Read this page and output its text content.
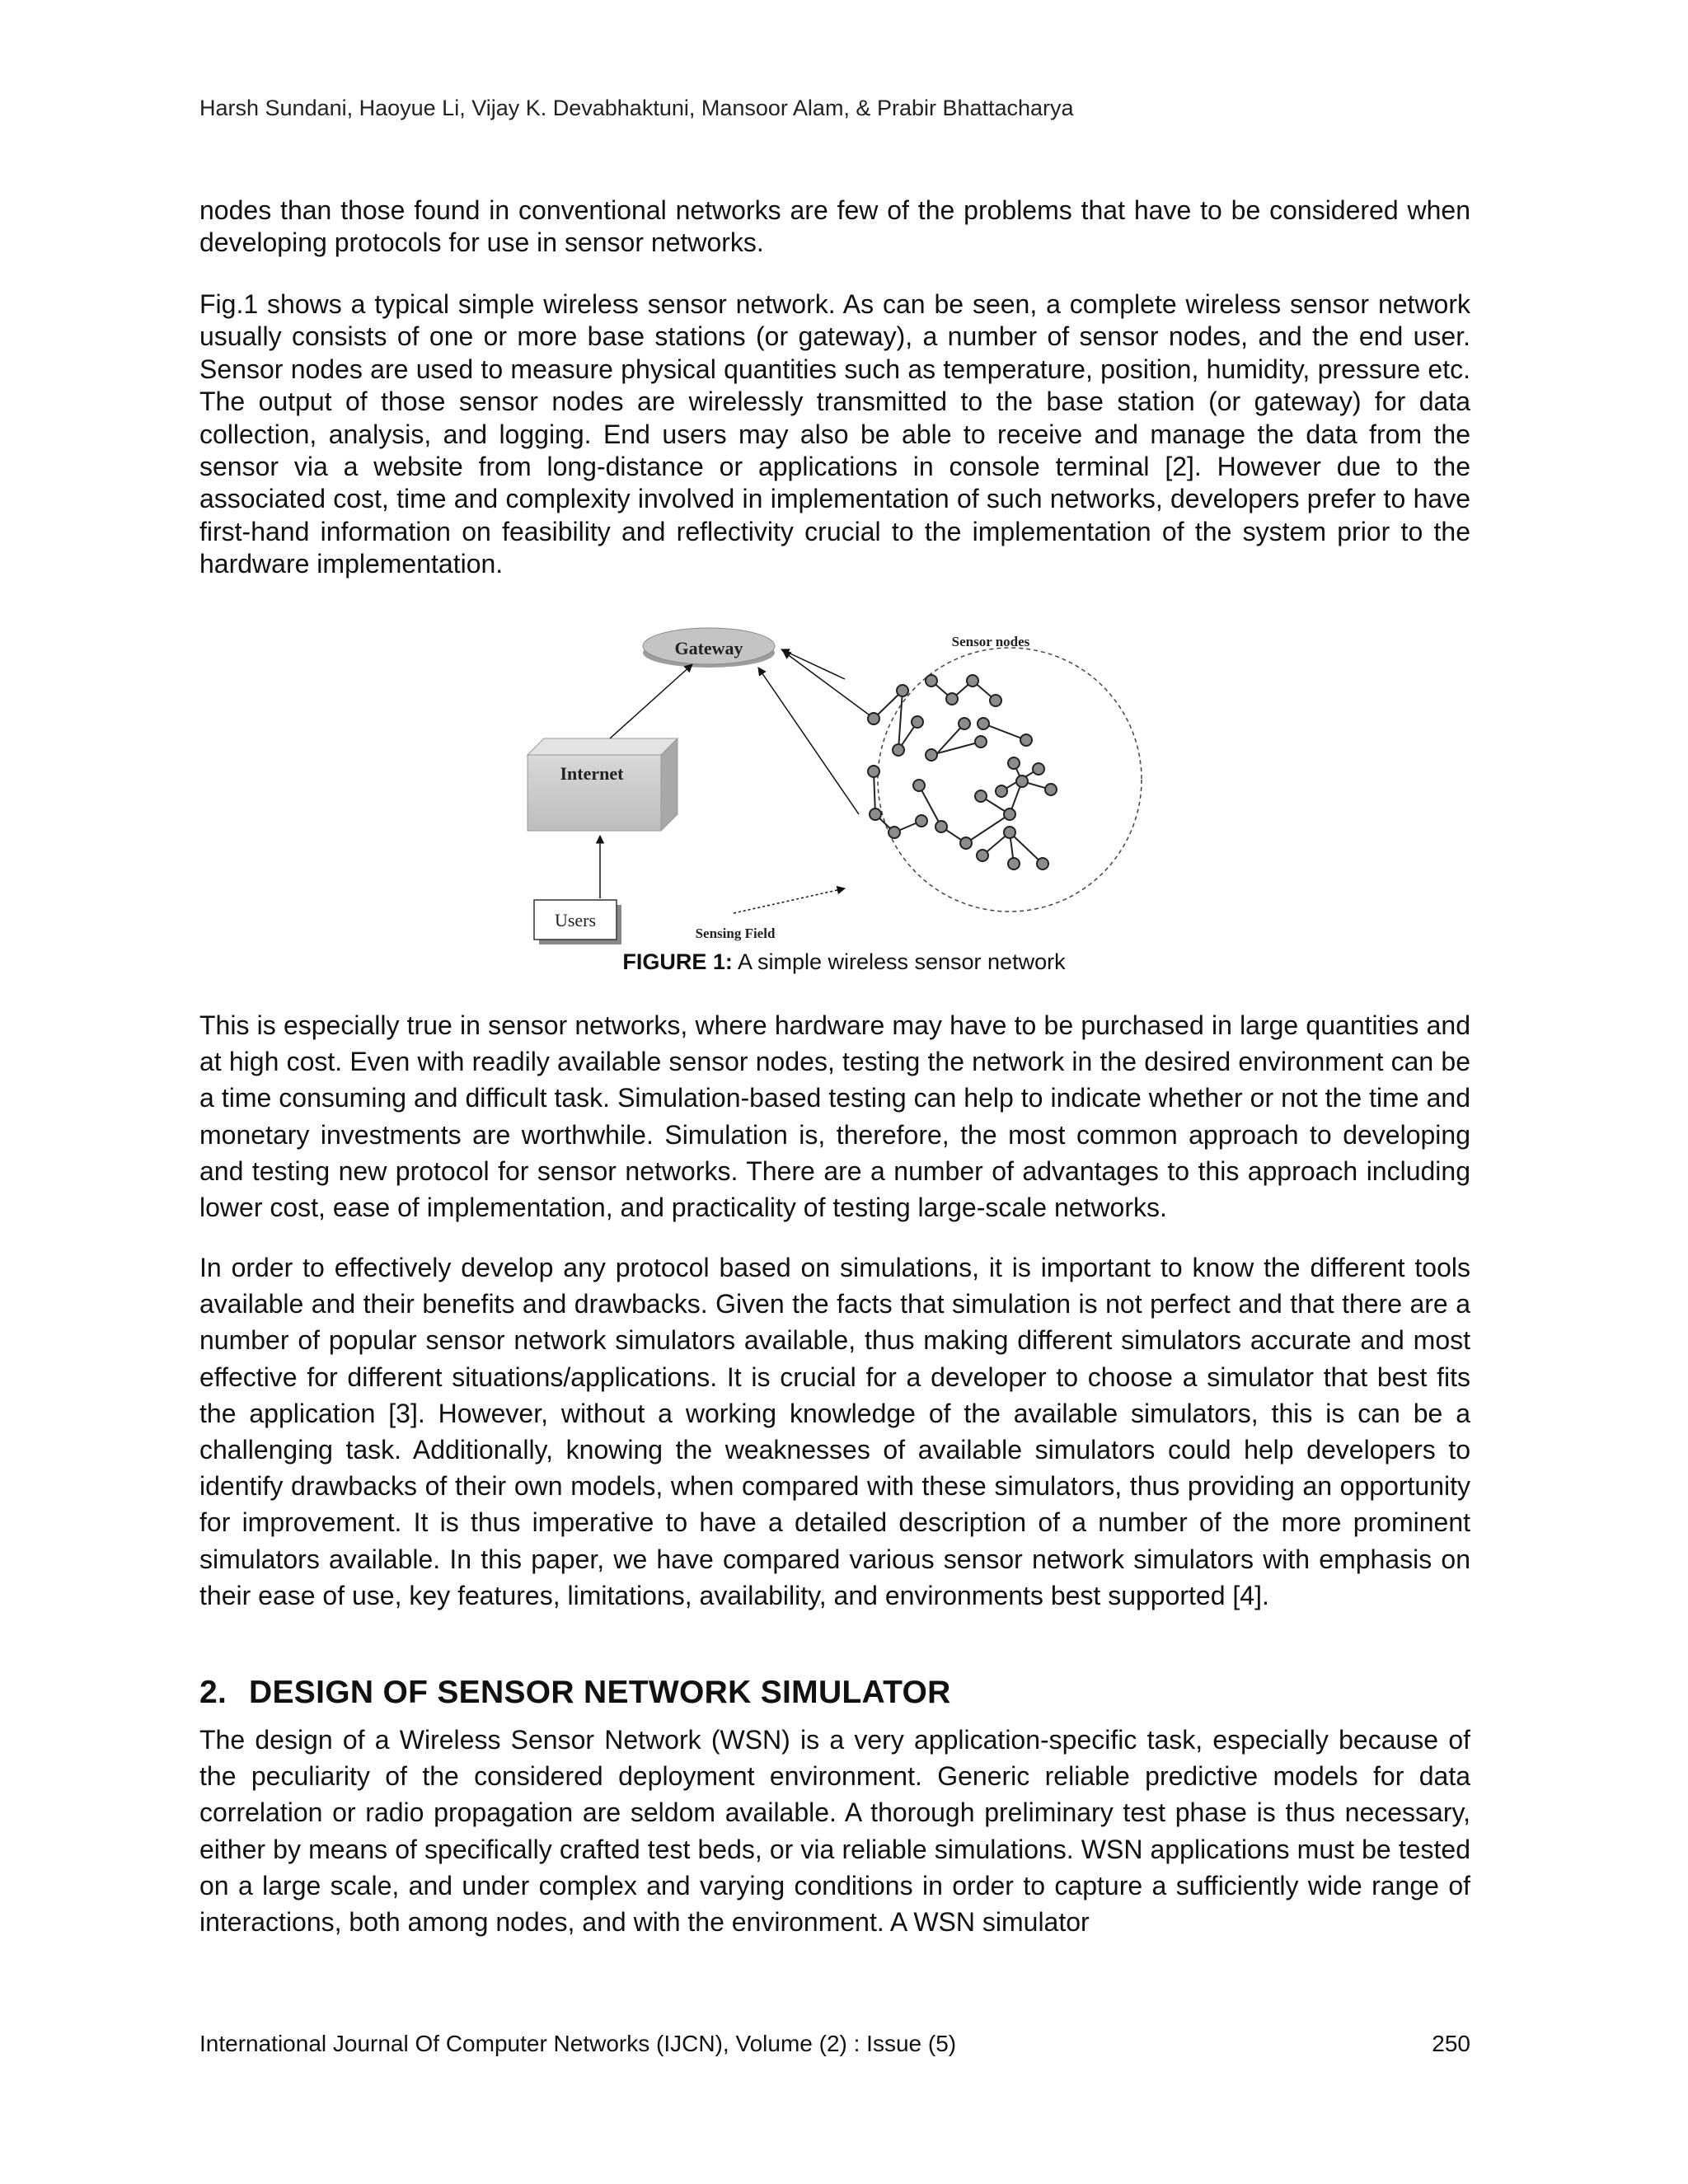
Harsh Sundani, Haoyue Li, Vijay K. Devabhaktuni, Mansoor Alam, & Prabir Bhattacharya

nodes than those found in conventional networks are few of the problems that have to be considered when developing protocols for use in sensor networks.

Fig.1 shows a typical simple wireless sensor network. As can be seen, a complete wireless sensor network usually consists of one or more base stations (or gateway), a number of sensor nodes, and the end user. Sensor nodes are used to measure physical quantities such as temperature, position, humidity, pressure etc. The output of those sensor nodes are wirelessly transmitted to the base station (or gateway) for data collection, analysis, and logging. End users may also be able to receive and manage the data from the sensor via a website from long-distance or applications in console terminal [2]. However due to the associated cost, time and complexity involved in implementation of such networks, developers prefer to have first-hand information on feasibility and reflectivity crucial to the implementation of the system prior to the hardware implementation.

Gateway
Internet
Users
Sensor nodes
Sensing Field
FIGURE 1: A simple wireless sensor network

This is especially true in sensor networks, where hardware may have to be purchased in large quantities and at high cost. Even with readily available sensor nodes, testing the network in the desired environment can be a time consuming and difficult task. Simulation-based testing can help to indicate whether or not the time and monetary investments are worthwhile. Simulation is, therefore, the most common approach to developing and testing new protocol for sensor networks. There are a number of advantages to this approach including lower cost, ease of implementation, and practicality of testing large-scale networks.

In order to effectively develop any protocol based on simulations, it is important to know the different tools available and their benefits and drawbacks. Given the facts that simulation is not perfect and that there are a number of popular sensor network simulators available, thus making different simulators accurate and most effective for different situations/applications. It is crucial for a developer to choose a simulator that best fits the application [3]. However, without a working knowledge of the available simulators, this is can be a challenging task. Additionally, knowing the weaknesses of available simulators could help developers to identify drawbacks of their own models, when compared with these simulators, thus providing an opportunity for improvement. It is thus imperative to have a detailed description of a number of the more prominent simulators available. In this paper, we have compared various sensor network simulators with emphasis on their ease of use, key features, limitations, availability, and environments best supported [4].

2. DESIGN OF SENSOR NETWORK SIMULATOR

The design of a Wireless Sensor Network (WSN) is a very application-specific task, especially because of the peculiarity of the considered deployment environment. Generic reliable predictive models for data correlation or radio propagation are seldom available. A thorough preliminary test phase is thus necessary, either by means of specifically crafted test beds, or via reliable simulations. WSN applications must be tested on a large scale, and under complex and varying conditions in order to capture a sufficiently wide range of interactions, both among nodes, and with the environment. A WSN simulator

International Journal Of Computer Networks (IJCN), Volume (2) : Issue (5)	250
